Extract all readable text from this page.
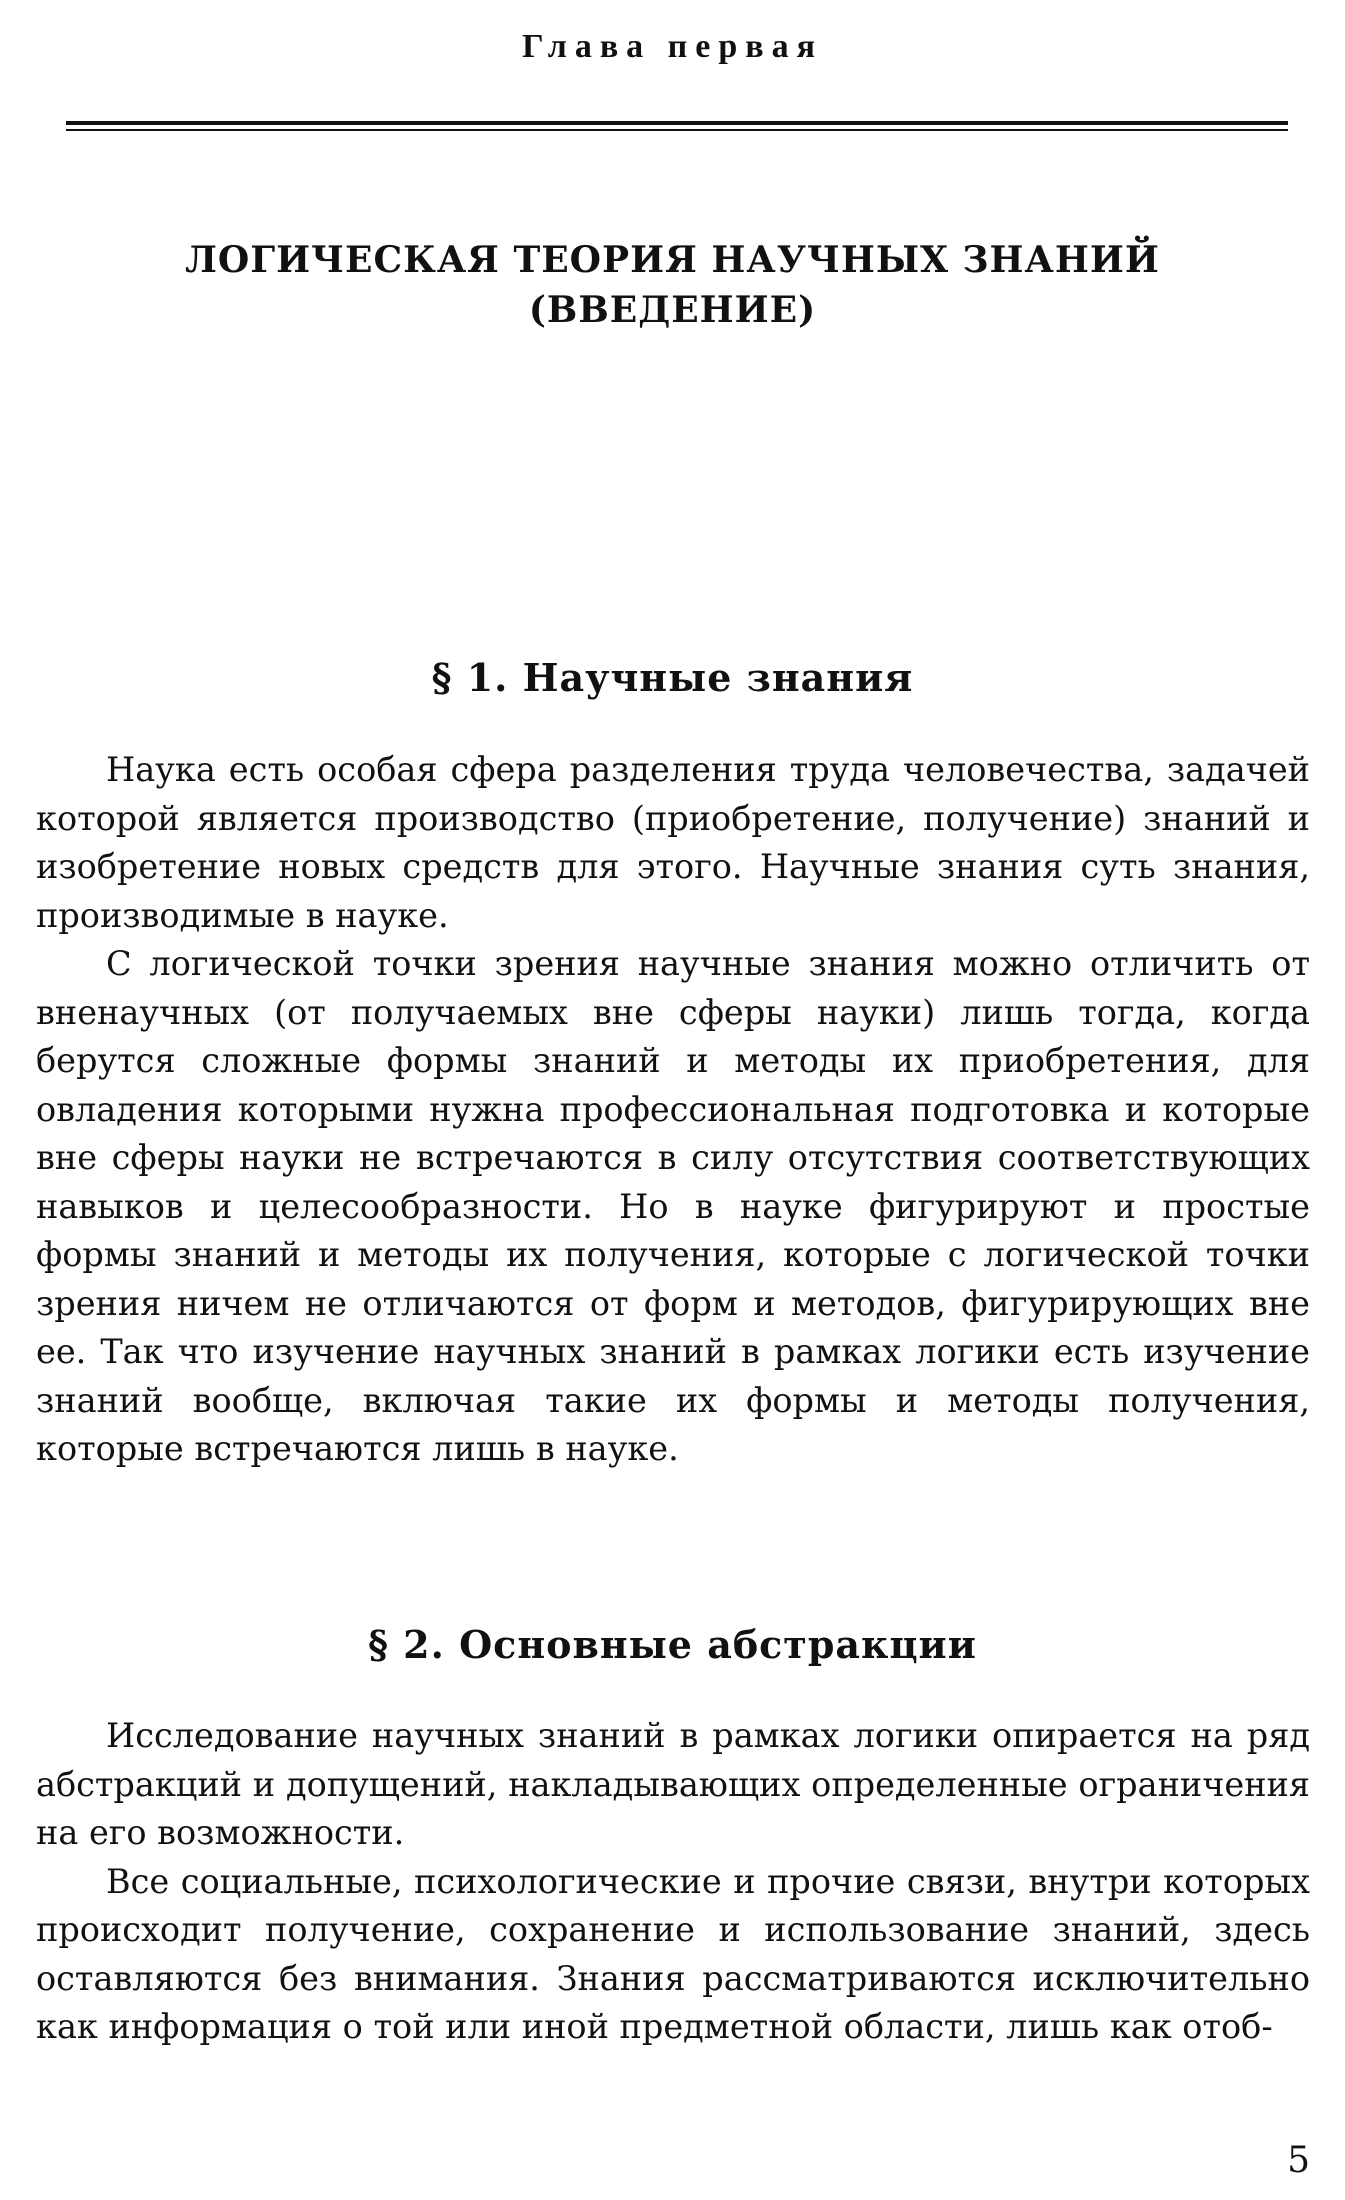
Глава первая
ЛОГИЧЕСКАЯ ТЕОРИЯ НАУЧНЫХ ЗНАНИЙ
(ВВЕДЕНИЕ)
§ 1. Научные знания

Наука есть особая сфера разделения труда человечества, задачей которой является производство (приобретение, получение) знаний и изобретение новых средств для этого. Научные знания суть знания, производимые в науке.

С логической точки зрения научные знания можно отличить от вненаучных (от получаемых вне сферы науки) лишь тогда, когда берутся сложные формы знаний и методы их приобретения, для овладения которыми нужна профессиональная подготовка и которые вне сферы науки не встречаются в силу отсутствия соответствующих навыков и целесообразности. Но в науке фигурируют и простые формы знаний и методы их получения, которые с логической точки зрения ничем не отличаются от форм и методов, фигурирующих вне ее. Так что изучение научных знаний в рамках логики есть изучение знаний вообще, включая такие их формы и методы получения, которые встречаются лишь в науке.

§ 2. Основные абстракции

Исследование научных знаний в рамках логики опирается на ряд абстракций и допущений, накладывающих определенные ограничения на его возможности.

Все социальные, психологические и прочие связи, внутри которых происходит получение, сохранение и использование знаний, здесь оставляются без внимания. Знания рассматриваются исключительно как информация о той или иной предметной области, лишь как отоб-

5
